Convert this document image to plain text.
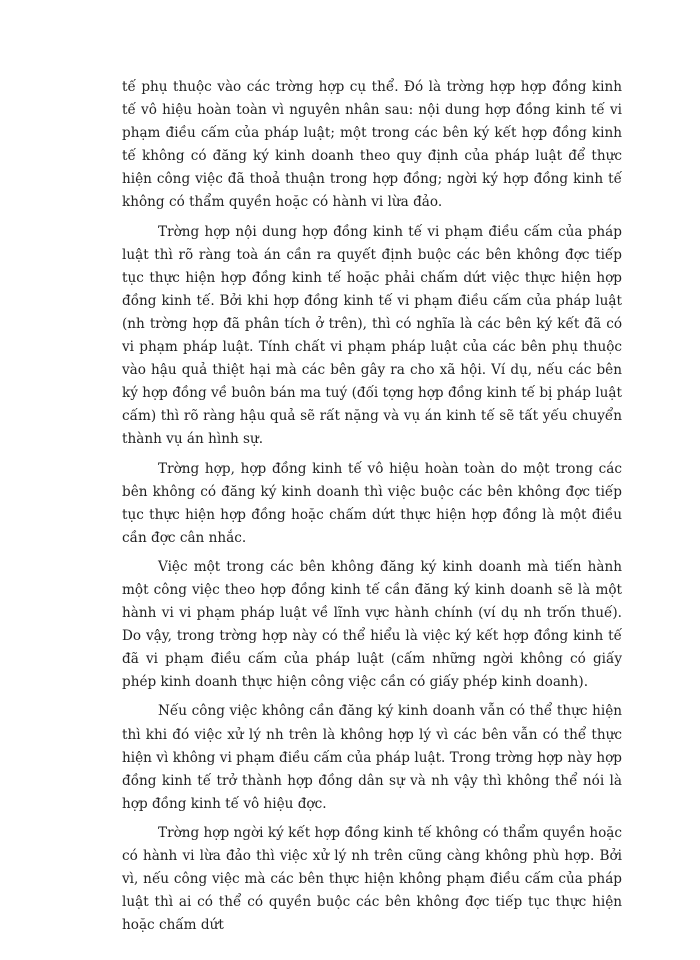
tế phụ thuộc vào các trờng hợp cụ thể. Đó là trờng hợp hợp đồng kinh tế vô hiệu hoàn toàn vì nguyên nhân sau: nội dung hợp đồng kinh tế vi phạm điều cấm của pháp luật; một trong các bên ký kết hợp đồng kinh tế không có đăng ký kinh doanh theo quy định của pháp luật để thực hiện công việc đã thoả thuận trong hợp đồng; ngời ký hợp đồng kinh tế không có thẩm quyền hoặc có hành vi lừa đảo.

Trờng hợp nội dung hợp đồng kinh tế vi phạm điều cấm của pháp luật thì rõ ràng toà án cần ra quyết định buộc các bên không đợc tiếp tục thực hiện hợp đồng kinh tế hoặc phải chấm dứt việc thực hiện hợp đồng kinh tế. Bởi khi hợp đồng kinh tế vi phạm điều cấm của pháp luật (nh trờng hợp đã phân tích ở trên), thì có nghĩa là các bên ký kết đã có vi phạm pháp luật. Tính chất vi phạm pháp luật của các bên phụ thuộc vào hậu quả thiệt hại mà các bên gây ra cho xã hội. Ví dụ, nếu các bên ký hợp đồng về buôn bán ma tuý (đối tợng hợp đồng kinh tế bị pháp luật cấm) thì rõ ràng hậu quả sẽ rất nặng và vụ án kinh tế sẽ tất yếu chuyển thành vụ án hình sự.

Trờng hợp, hợp đồng kinh tế vô hiệu hoàn toàn do một trong các bên không có đăng ký kinh doanh thì việc buộc các bên không đợc tiếp tục thực hiện hợp đồng hoặc chấm dứt thực hiện hợp đồng là một điều cần đợc cân nhắc.

Việc một trong các bên không đăng ký kinh doanh mà tiến hành một công việc theo hợp đồng kinh tế cần đăng ký kinh doanh sẽ là một hành vi vi phạm pháp luật về lĩnh vực hành chính (ví dụ nh trốn thuế). Do vậy, trong trờng hợp này có thể hiểu là việc ký kết hợp đồng kinh tế đã vi phạm điều cấm của pháp luật (cấm những ngời không có giấy phép kinh doanh thực hiện công việc cần có giấy phép kinh doanh).

Nếu công việc không cần đăng ký kinh doanh vẫn có thể thực hiện thì khi đó việc xử lý nh trên là không hợp lý vì các bên vẫn có thể thực hiện vì không vi phạm điều cấm của pháp luật. Trong trờng hợp này hợp đồng kinh tế trở thành hợp đồng dân sự và nh vậy thì không thể nói là hợp đồng kinh tế vô hiệu đợc.

Trờng hợp ngời ký kết hợp đồng kinh tế không có thẩm quyền hoặc có hành vi lừa đảo thì việc xử lý nh trên cũng càng không phù hợp. Bởi vì, nếu công việc mà các bên thực hiện không phạm điều cấm của pháp luật thì ai có thể có quyền buộc các bên không đợc tiếp tục thực hiện hoặc chấm dứt
